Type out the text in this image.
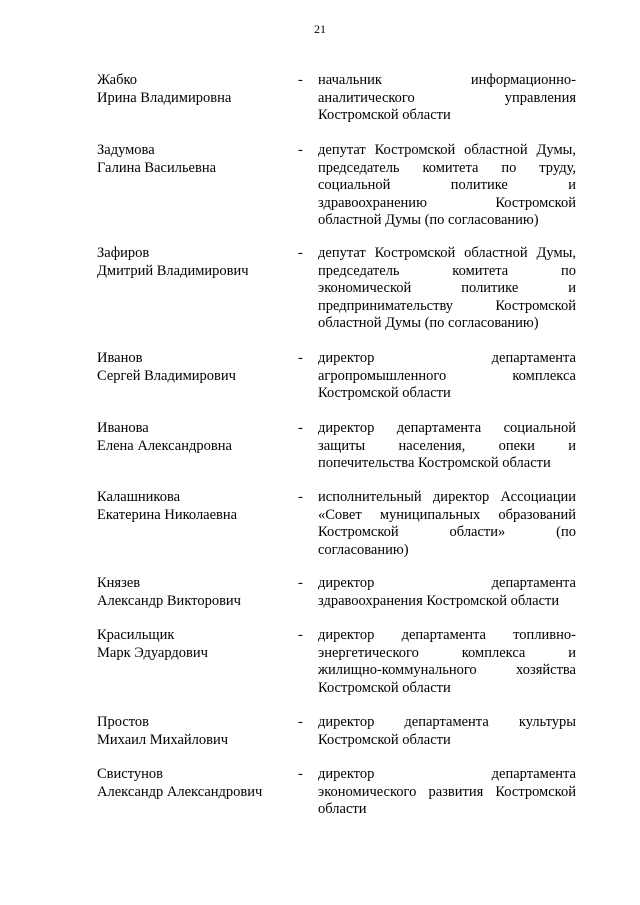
21
Жабко
Ирина Владимировна
-	начальник информационно-
аналитического управления
Костромской области
Задумова
Галина Васильевна
-	депутат Костромской областной Думы,
председатель комитета по труду,
социальной политике и
здравоохранению Костромской
областной Думы (по согласованию)
Зафиров
Дмитрий Владимирович
-	депутат Костромской областной Думы,
председатель комитета по
экономической политике и
предпринимательству Костромской
областной Думы (по согласованию)
Иванов
Сергей Владимирович
-	директор департамента
агропромышленного комплекса
Костромской области
Иванова
Елена Александровна
-	директор департамента социальной
защиты населения, опеки и
попечительства Костромской области
Калашникова
Екатерина Николаевна
-	исполнительный директор Ассоциации
«Совет муниципальных образований
Костромской области» (по
согласованию)
Князев
Александр Викторович
-	директор департамента
здравоохранения Костромской области
Красильщик
Марк Эдуардович
-	директор департамента топливно-
энергетического комплекса и
жилищно-коммунального хозяйства
Костромской области
Простов
Михаил Михайлович
-	директор департамента культуры
Костромской области
Свистунов
Александр Александрович
-	директор департамента
экономического развития Костромской
области
